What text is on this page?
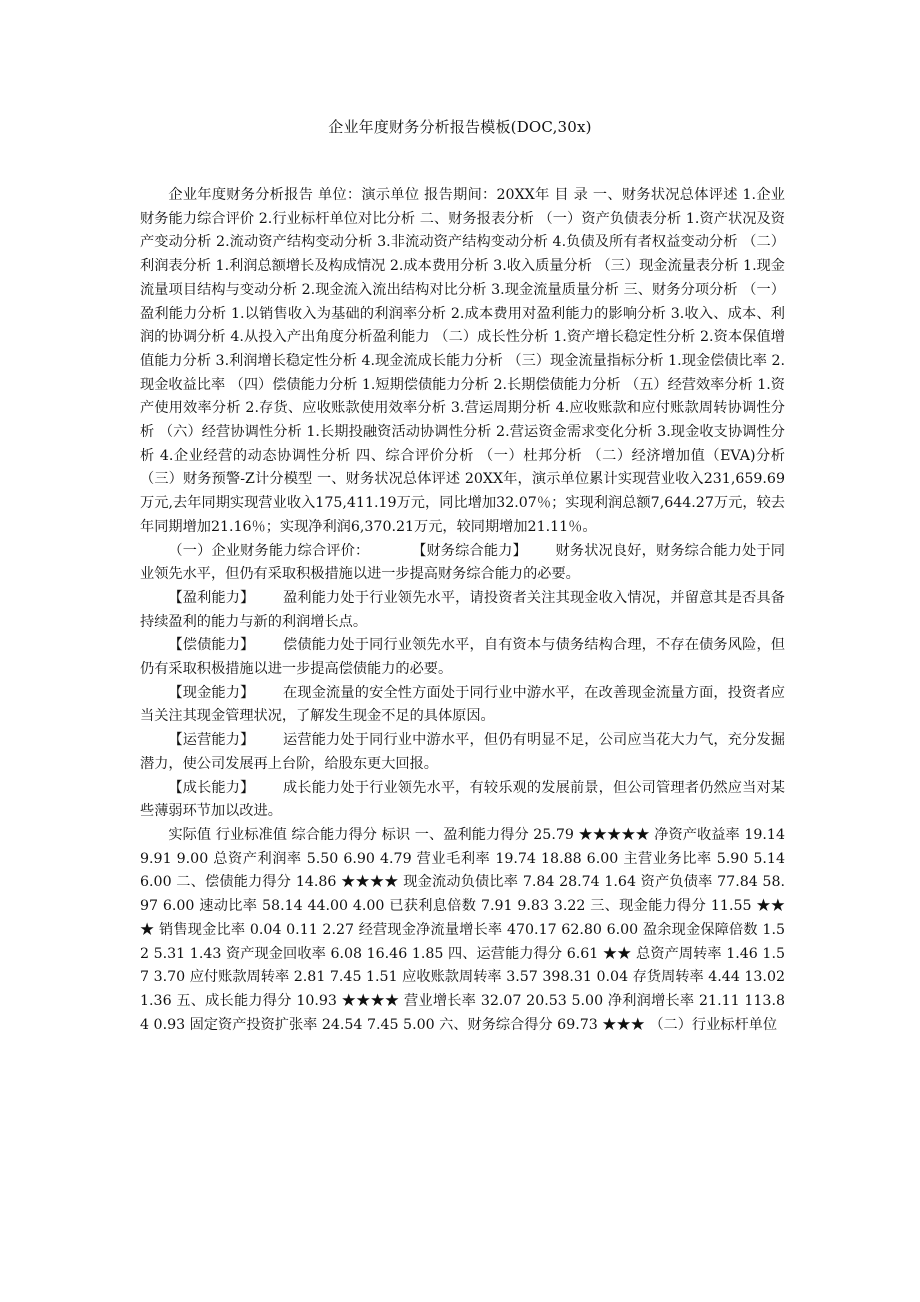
企业年度财务分析报告模板(DOC,30x)

企业年度财务分析报告 单位：演示单位 报告期间：20XX年 目 录 一、财务状况总体评述 1.企业财务能力综合评价 2.行业标杆单位对比分析 二、财务报表分析 （一）资产负债表分析 1.资产状况及资产变动分析 2.流动资产结构变动分析 3.非流动资产结构变动分析 4.负债及所有者权益变动分析 （二）利润表分析 1.利润总额增长及构成情况 2.成本费用分析 3.收入质量分析 （三）现金流量表分析 1.现金流量项目结构与变动分析 2.现金流入流出结构对比分析 3.现金流量质量分析 三、财务分项分析 （一）盈利能力分析 1.以销售收入为基础的利润率分析 2.成本费用对盈利能力的影响分析 3.收入、成本、利润的协调分析 4.从投入产出角度分析盈利能力 （二）成长性分析 1.资产增长稳定性分析 2.资本保值增值能力分析 3.利润增长稳定性分析 4.现金流成长能力分析 （三）现金流量指标分析 1.现金偿债比率 2.现金收益比率 （四）偿债能力分析 1.短期偿债能力分析 2.长期偿债能力分析 （五）经营效率分析 1.资产使用效率分析 2.存货、应收账款使用效率分析 3.营运周期分析 4.应收账款和应付账款周转协调性分析 （六）经营协调性分析 1.长期投融资活动协调性分析 2.营运资金需求变化分析 3.现金收支协调性分析 4.企业经营的动态协调性分析 四、综合评价分析 （一）杜邦分析 （二）经济增加值（EVA)分析 （三）财务预警-Z计分模型 一、财务状况总体评述 20XX年，演示单位累计实现营业收入231,659.69万元,去年同期实现营业收入175,411.19万元，同比增加32.07％；实现利润总额7,644.27万元，较去年同期增加21.16％；实现净利润6,370.21万元，较同期增加21.11％。

（一）企业财务能力综合评价：   	【财务综合能力】   财务状况良好，财务综合能力处于同业领先水平，但仍有采取积极措施以进一步提高财务综合能力的必要。

【盈利能力】   盈利能力处于行业领先水平，请投资者关注其现金收入情况，并留意其是否具备持续盈利的能力与新的利润增长点。

【偿债能力】   偿债能力处于同行业领先水平，自有资本与债务结构合理，不存在债务风险，但仍有采取积极措施以进一步提高偿债能力的必要。

【现金能力】   在现金流量的安全性方面处于同行业中游水平，在改善现金流量方面，投资者应当关注其现金管理状况，了解发生现金不足的具体原因。

【运营能力】   运营能力处于同行业中游水平，但仍有明显不足，公司应当花大力气，充分发掘潜力，使公司发展再上台阶，给股东更大回报。

【成长能力】   成长能力处于行业领先水平，有较乐观的发展前景，但公司管理者仍然应当对某些薄弱环节加以改进。

实际值 行业标准值 综合能力得分 标识 一、盈利能力得分 25.79 ★★★★★ 净资产收益率 19.14 9.91 9.00 总资产利润率 5.50 6.90 4.79 营业毛利率 19.74 18.88 6.00 主营业务比率 5.90 5.14 6.00 二、偿债能力得分 14.86 ★★★★ 现金流动负债比率 7.84 28.74 1.64 资产负债率 77.84 58.97 6.00 速动比率 58.14 44.00 4.00 已获利息倍数 7.91 9.83 3.22 三、现金能力得分 11.55 ★★★ 销售现金比率 0.04 0.11 2.27 经营现金净流量增长率 470.17 62.80 6.00 盈余现金保障倍数 1.52 5.31 1.43 资产现金回收率 6.08 16.46 1.85 四、运营能力得分 6.61 ★★ 总资产周转率 1.46 1.57 3.70 应付账款周转率 2.81 7.45 1.51 应收账款周转率 3.57 398.31 0.04 存货周转率 4.44 13.02 1.36 五、成长能力得分 10.93 ★★★★ 营业增长率 32.07 20.53 5.00 净利润增长率 21.11 113.84 0.93 固定资产投资扩张率 24.54 7.45 5.00 六、财务综合得分 69.73 ★★★ （二）行业标杆单位
